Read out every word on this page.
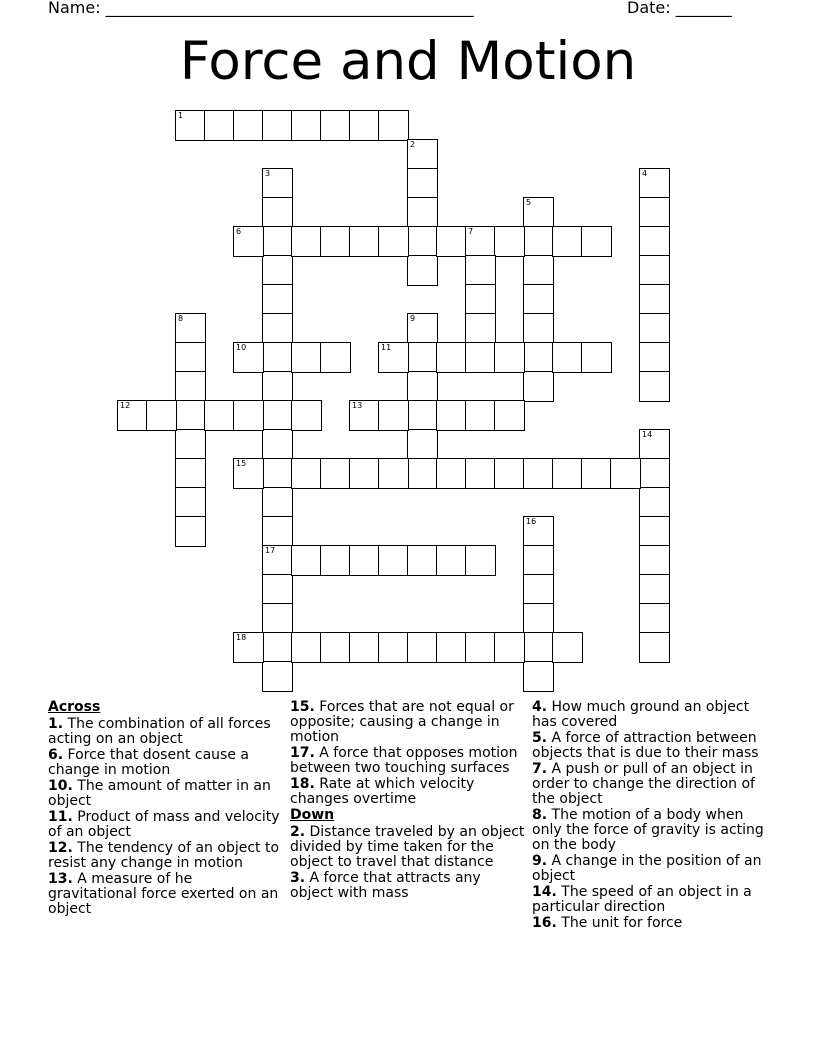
Name: ______________________________________________	Date: _______
Force and Motion
1
2
3
17
4
5
6	7
8	9
10	11
12	13
14
15
16
18
Across
1. The combination of all forces acting on an object
6. Force that dosent cause a change in motion
10. The amount of matter in an object
11. Product of mass and velocity of an object
12. The tendency of an object to resist any change in motion
13. A measure of he gravitational force exerted on an object
15. Forces that are not equal or opposite; causing a change in motion
17. A force that opposes motion between two touching surfaces
18. Rate at which velocity changes overtime
Down
2. Distance traveled by an object divided by time taken for the object to travel that distance
3. A force that attracts any object with mass
4. How much ground an object has covered
5. A force of attraction between objects that is due to their mass
7. A push or pull of an object in order to change the direction of the object
8. The motion of a body when only the force of gravity is acting on the body
9. A change in the position of an object
14. The speed of an object in a particular direction
16. The unit for force
